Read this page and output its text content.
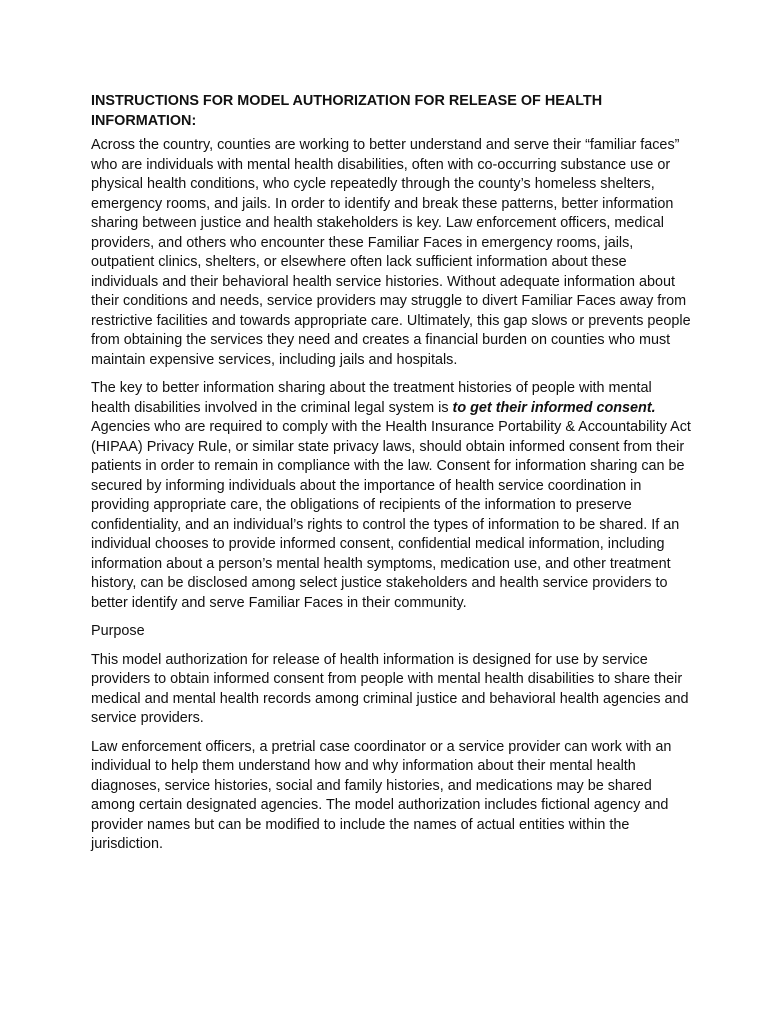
INSTRUCTIONS FOR MODEL AUTHORIZATION FOR RELEASE OF HEALTH INFORMATION:

Across the country, counties are working to better understand and serve their “familiar faces” who are individuals with mental health disabilities, often with co-occurring substance use or physical health conditions, who cycle repeatedly through the county’s homeless shelters, emergency rooms, and jails. In order to identify and break these patterns, better information sharing between justice and health stakeholders is key. Law enforcement officers, medical providers, and others who encounter these Familiar Faces in emergency rooms, jails, outpatient clinics, shelters, or elsewhere often lack sufficient information about these individuals and their behavioral health service histories. Without adequate information about their conditions and needs, service providers may struggle to divert Familiar Faces away from restrictive facilities and towards appropriate care. Ultimately, this gap slows or prevents people from obtaining the services they need and creates a financial burden on counties who must maintain expensive services, including jails and hospitals.

The key to better information sharing about the treatment histories of people with mental health disabilities involved in the criminal legal system is to get their informed consent. Agencies who are required to comply with the Health Insurance Portability & Accountability Act (HIPAA) Privacy Rule, or similar state privacy laws, should obtain informed consent from their patients in order to remain in compliance with the law. Consent for information sharing can be secured by informing individuals about the importance of health service coordination in providing appropriate care, the obligations of recipients of the information to preserve confidentiality, and an individual’s rights to control the types of information to be shared. If an individual chooses to provide informed consent, confidential medical information, including information about a person’s mental health symptoms, medication use, and other treatment history, can be disclosed among select justice stakeholders and health service providers to better identify and serve Familiar Faces in their community.

Purpose

This model authorization for release of health information is designed for use by service providers to obtain informed consent from people with mental health disabilities to share their medical and mental health records among criminal justice and behavioral health agencies and service providers.

Law enforcement officers, a pretrial case coordinator or a service provider can work with an individual to help them understand how and why information about their mental health diagnoses, service histories, social and family histories, and medications may be shared among certain designated agencies. The model authorization includes fictional agency and provider names but can be modified to include the names of actual entities within the jurisdiction.
